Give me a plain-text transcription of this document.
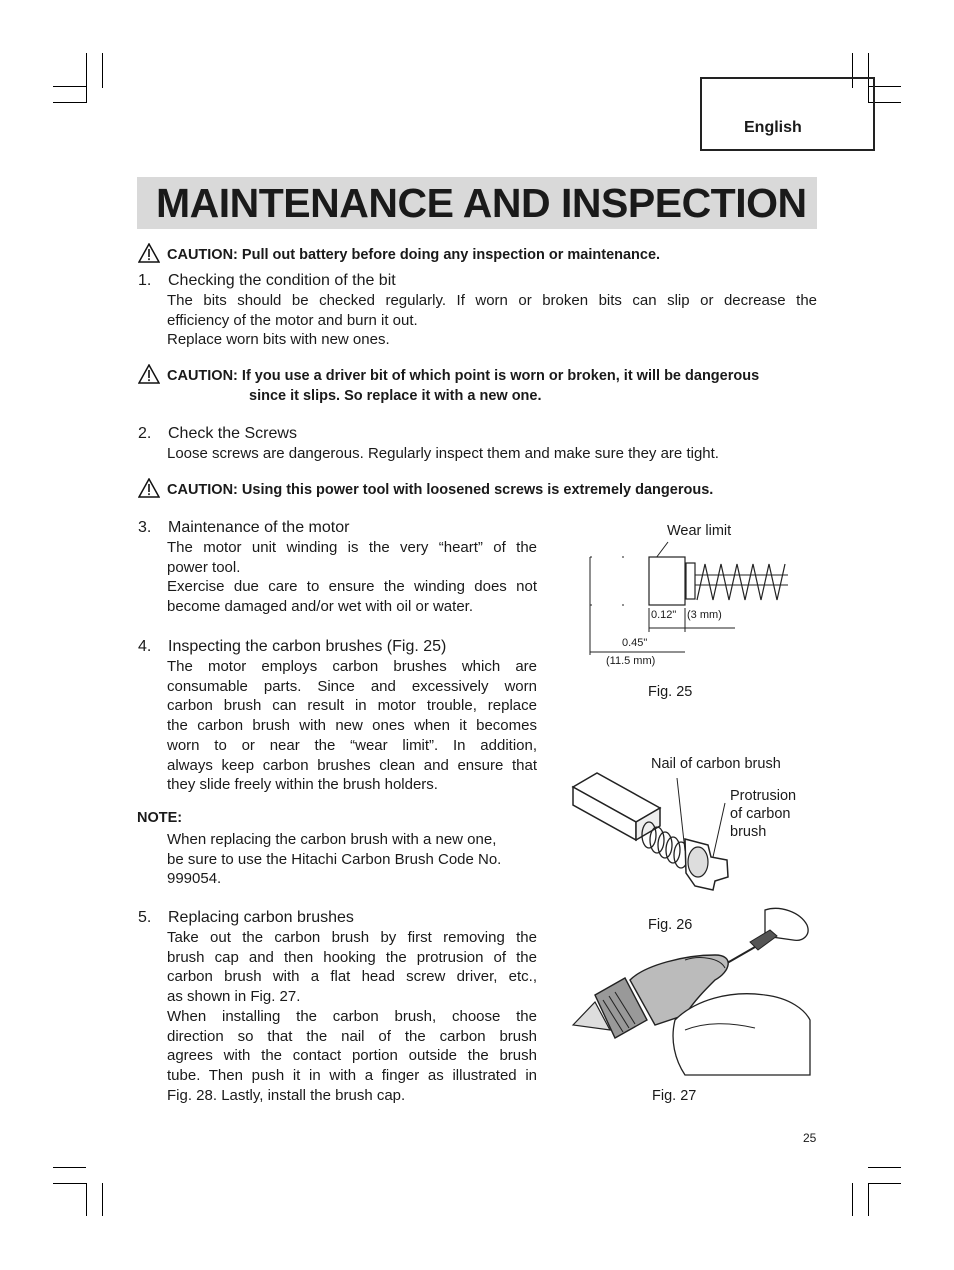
English
MAINTENANCE AND INSPECTION
CAUTION: Pull out battery before doing any inspection or maintenance.
1. Checking the condition of the bit
The bits should be checked regularly. If worn or broken bits can slip or decrease the
efficiency of the motor and burn it out.
Replace worn bits with new ones.
CAUTION: If you use a driver bit of which point is worn or broken, it will be dangerous
since it slips. So replace it with a new one.
2. Check the Screws
Loose screws are dangerous. Regularly inspect them and make sure they are tight.
CAUTION: Using this power tool with loosened screws is extremely dangerous.
3. Maintenance of the motor
The motor unit winding is the very “heart” of the
power tool.
Exercise due care to ensure the winding does not
become damaged and/or wet with oil or water.
4. Inspecting the carbon brushes (Fig. 25)
The motor employs carbon brushes which are
consumable parts. Since and excessively worn
carbon brush can result in motor trouble, replace
the carbon brush with new ones when it becomes
worn to or near the “wear limit”. In addition,
always keep carbon brushes clean and ensure that
they slide freely within the brush holders.
NOTE:
When replacing the carbon brush with a new one,
be sure to use the Hitachi Carbon Brush Code No.
999054.
5. Replacing carbon brushes
Take out the carbon brush by first removing the
brush cap and then hooking the protrusion of the
carbon brush with a flat head screw driver, etc.,
as shown in Fig. 27.
When installing the carbon brush, choose the
direction so that the nail of the carbon brush
agrees with the contact portion outside the brush
tube. Then push it in with a finger as illustrated in
Fig. 28. Lastly, install the brush cap.
Wear limit
0.12" (3 mm)
0.45"
(11.5 mm)
Fig. 25
Nail of carbon brush
Protrusion
of carbon
brush
Fig. 26
Fig. 27
25
